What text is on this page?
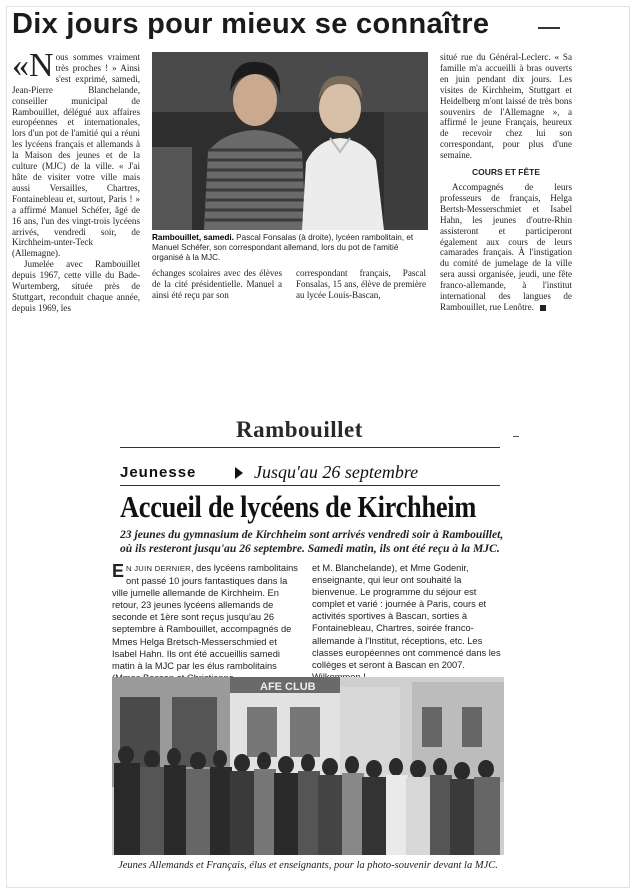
Dix jours pour mieux se connaître

«Nous sommes vraiment très proches ! » Ainsi s'est exprimé, samedi, Jean-Pierre Blanchelande, conseiller municipal de Rambouillet, délégué aux affaires européennes et internationales, lors d'un pot de l'amitié qui a réuni les lycéens français et allemands à la Maison des jeunes et de la culture (MJC) de la ville. « J'ai hâte de visiter votre ville mais aussi Versailles, Chartres, Fontainebleau et, surtout, Paris ! » a affirmé Manuel Schéfer, âgé de 16 ans, l'un des vingt-trois lycéens arrivés, vendredi soir, de Kirchheim-unter-Teck (Allemagne).

Jumelée avec Rambouillet depuis 1967, cette ville du Bade-Wurtemberg, située près de Stuttgart, reconduit chaque année, depuis 1969, les

Rambouillet, samedi. Pascal Fonsalas (à droite), lycéen rambolitain, et Manuel Schéfer, son correspondant allemand, lors du pot de l'amitié organisé à la MJC.
échanges scolaires avec des élèves de la cité présidentielle. Manuel a ainsi été reçu par son
correspondant français, Pascal Fonsalas, 15 ans, élève de première au lycée Louis-Bascan,

situé rue du Général-Leclerc. « Sa famille m'a accueilli à bras ouverts en juin pendant dix jours. Les visites de Kirchheim, Stuttgart et Heidelberg m'ont laissé de très bons souvenirs de l'Allemagne », a affirmé le jeune Français, heureux de recevoir chez lui son correspondant, pour plus d'une semaine.

COURS ET FÊTE

Accompagnés de leurs professeurs de français, Helga Bertsh-Messerschmiet et Isabel Hahn, les jeunes d'outre-Rhin assisteront et participeront également aux cours de leurs camarades français. À l'instigation du comité de jumelage de la ville sera aussi organisée, jeudi, une fête franco-allemande, à l'institut international des langues de Rambouillet, rue Lenôtre.

Rambouillet
Jeunesse	Jusqu'au 26 septembre
Accueil de lycéens de Kirchheim
23 jeunes du gymnasium de Kirchheim sont arrivés vendredi soir à Rambouillet, où ils resteront jusqu'au 26 septembre. Samedi matin, ils ont été reçu à la MJC.

E N JUIN DERNIER, des lycéens rambolitains ont passé 10 jours fantastiques dans la ville jumelle allemande de Kirchheim. En retour, 23 jeunes lycéens allemands de seconde et 1ère sont reçus jusqu'au 26 septembre à Rambouillet, accompagnés de Mmes Helga Bretsch-Messerschmied et Isabel Hahn. Ils ont été accueillis samedi matin à la MJC par les élus rambolitains

et M. Blanchelande), et Mme Godenir, enseignante, qui leur ont souhaité la bienvenue. Le programme du séjour est complet et varié : journée à Paris, cours et activités sportives à Bascan, sorties à Fontainebleau, Chartres, soirée franco-allemande à l'Institut, réceptions, etc. Les classes européennes ont commencé dans les collèges et seront à Bascan en 2007.
AFE CLUB
Jeunes Allemands et Français, élus et enseignants, pour la photo-souvenir devant la MJC.
